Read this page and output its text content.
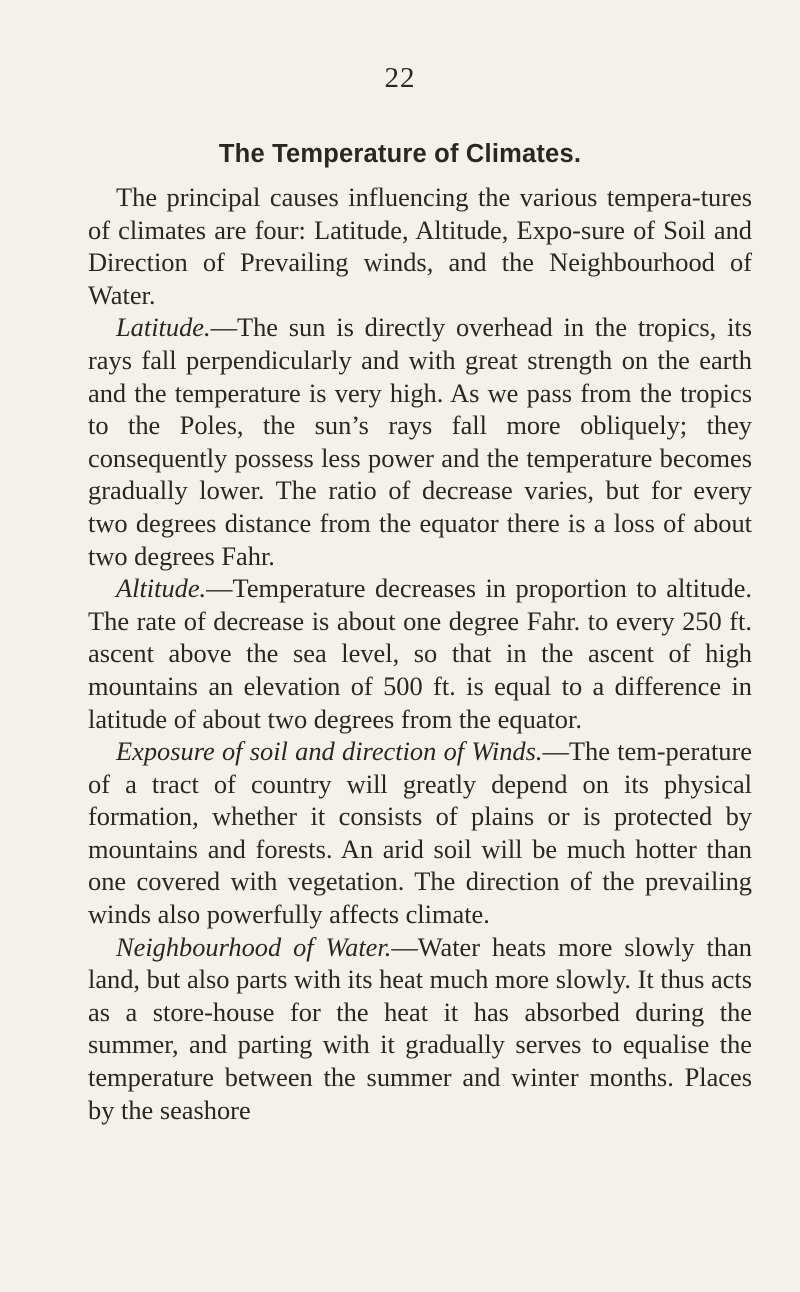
22
The Temperature of Climates.

The principal causes influencing the various tempera-tures of climates are four: Latitude, Altitude, Expo-sure of Soil and Direction of Prevailing winds, and the Neighbourhood of Water.

Latitude.—The sun is directly overhead in the tropics, its rays fall perpendicularly and with great strength on the earth and the temperature is very high. As we pass from the tropics to the Poles, the sun’s rays fall more obliquely; they consequently possess less power and the temperature becomes gradually lower. The ratio of decrease varies, but for every two degrees distance from the equator there is a loss of about two degrees Fahr.

Altitude.—Temperature decreases in proportion to altitude. The rate of decrease is about one degree Fahr. to every 250 ft. ascent above the sea level, so that in the ascent of high mountains an elevation of 500 ft. is equal to a difference in latitude of about two degrees from the equator.

Exposure of soil and direction of Winds.—The tem-perature of a tract of country will greatly depend on its physical formation, whether it consists of plains or is protected by mountains and forests. An arid soil will be much hotter than one covered with vegetation. The direction of the prevailing winds also powerfully affects climate.

Neighbourhood of Water.—Water heats more slowly than land, but also parts with its heat much more slowly. It thus acts as a store-house for the heat it has absorbed during the summer, and parting with it gradually serves to equalise the temperature between the summer and winter months. Places by the seashore
